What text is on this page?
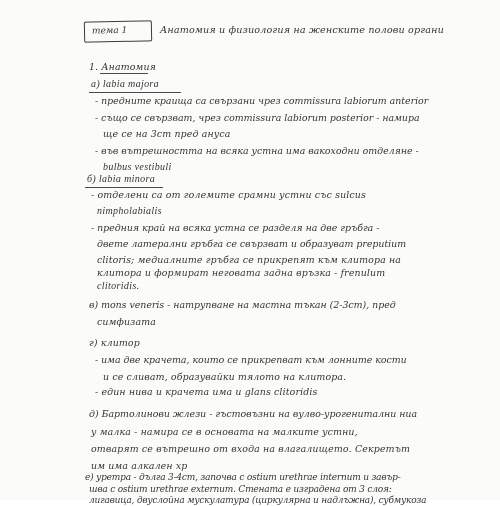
тема 1	Анатомия и физиология на женските полови органи
1. Анатомия
а) labia majora
- предните краища са свързани чрез commissura labiorum anterior
- също се свързват, чрез commissura labiorum posterior - намира
ще се на 3cm пред ануса
- във вътрешността на всяка устна има вакоходни отделяне -
bulbus vestibuli
б) labia minora
- отделени са от големите срамни устни със sulcus
nimpholabialis
- предния край на всяка устна се разделя на две гръбга -
двете латерални гръбга се свързват и образуват preputium
clitoris; медиалните гръбга се прикрепят към клитора на
клитора и формират неговата задна връзка - frenulum
clitoridis.
в) mons veneris - натрупване на мастна тъкан (2-3cm), пред
симфизата
г) клитор
- има две крачета, които се прикрепват към лонните кости
и се сливат, образувайки тялото на клитора.
- един нива и крачета има и glans clitoridis
д) Бартолинови жлези - гъстовъзни на вулво-урогенитални ниа
у малка - намира се в основата на малките устни,
отварят се вътрешно от входа на влагалището. Секретът
им има алкален хр
е) уретра - дълга 3-4cm, започва с ostium urethrae internum и завър-
шва с ostium urethrae externum. Стената е изградена от 3 слоя:
лигавица, двуслойна мускулатура (циркулярна и надлъжна), субмукоза
